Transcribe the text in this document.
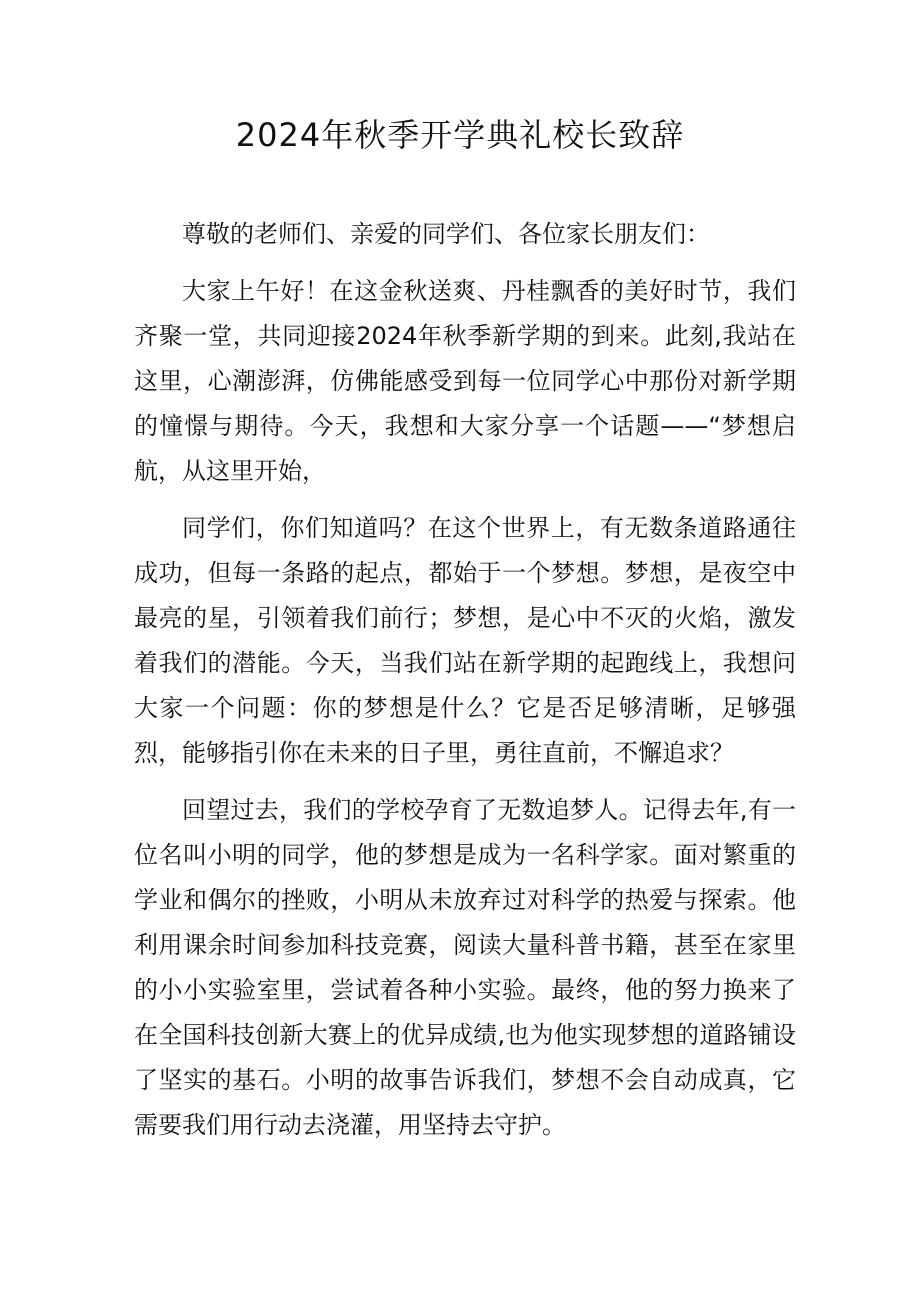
2024年秋季开学典礼校长致辞

尊敬的老师们、亲爱的同学们、各位家长朋友们：

大家上午好！在这金秋送爽、丹桂飘香的美好时节，我们齐聚一堂，共同迎接2024年秋季新学期的到来。此刻,我站在这里，心潮澎湃，仿佛能感受到每一位同学心中那份对新学期的憧憬与期待。今天，我想和大家分享一个话题——“梦想启航，从这里开始，

同学们，你们知道吗？在这个世界上，有无数条道路通往成功，但每一条路的起点，都始于一个梦想。梦想，是夜空中最亮的星，引领着我们前行；梦想，是心中不灭的火焰，激发着我们的潜能。今天，当我们站在新学期的起跑线上，我想问大家一个问题：你的梦想是什么？它是否足够清晰，足够强烈，能够指引你在未来的日子里，勇往直前，不懈追求？

回望过去，我们的学校孕育了无数追梦人。记得去年,有一位名叫小明的同学，他的梦想是成为一名科学家。面对繁重的学业和偶尔的挫败，小明从未放弃过对科学的热爱与探索。他利用课余时间参加科技竞赛，阅读大量科普书籍，甚至在家里的小小实验室里，尝试着各种小实验。最终，他的努力换来了在全国科技创新大赛上的优异成绩,也为他实现梦想的道路铺设了坚实的基石。小明的故事告诉我们，梦想不会自动成真，它需要我们用行动去浇灌，用坚持去守护。
